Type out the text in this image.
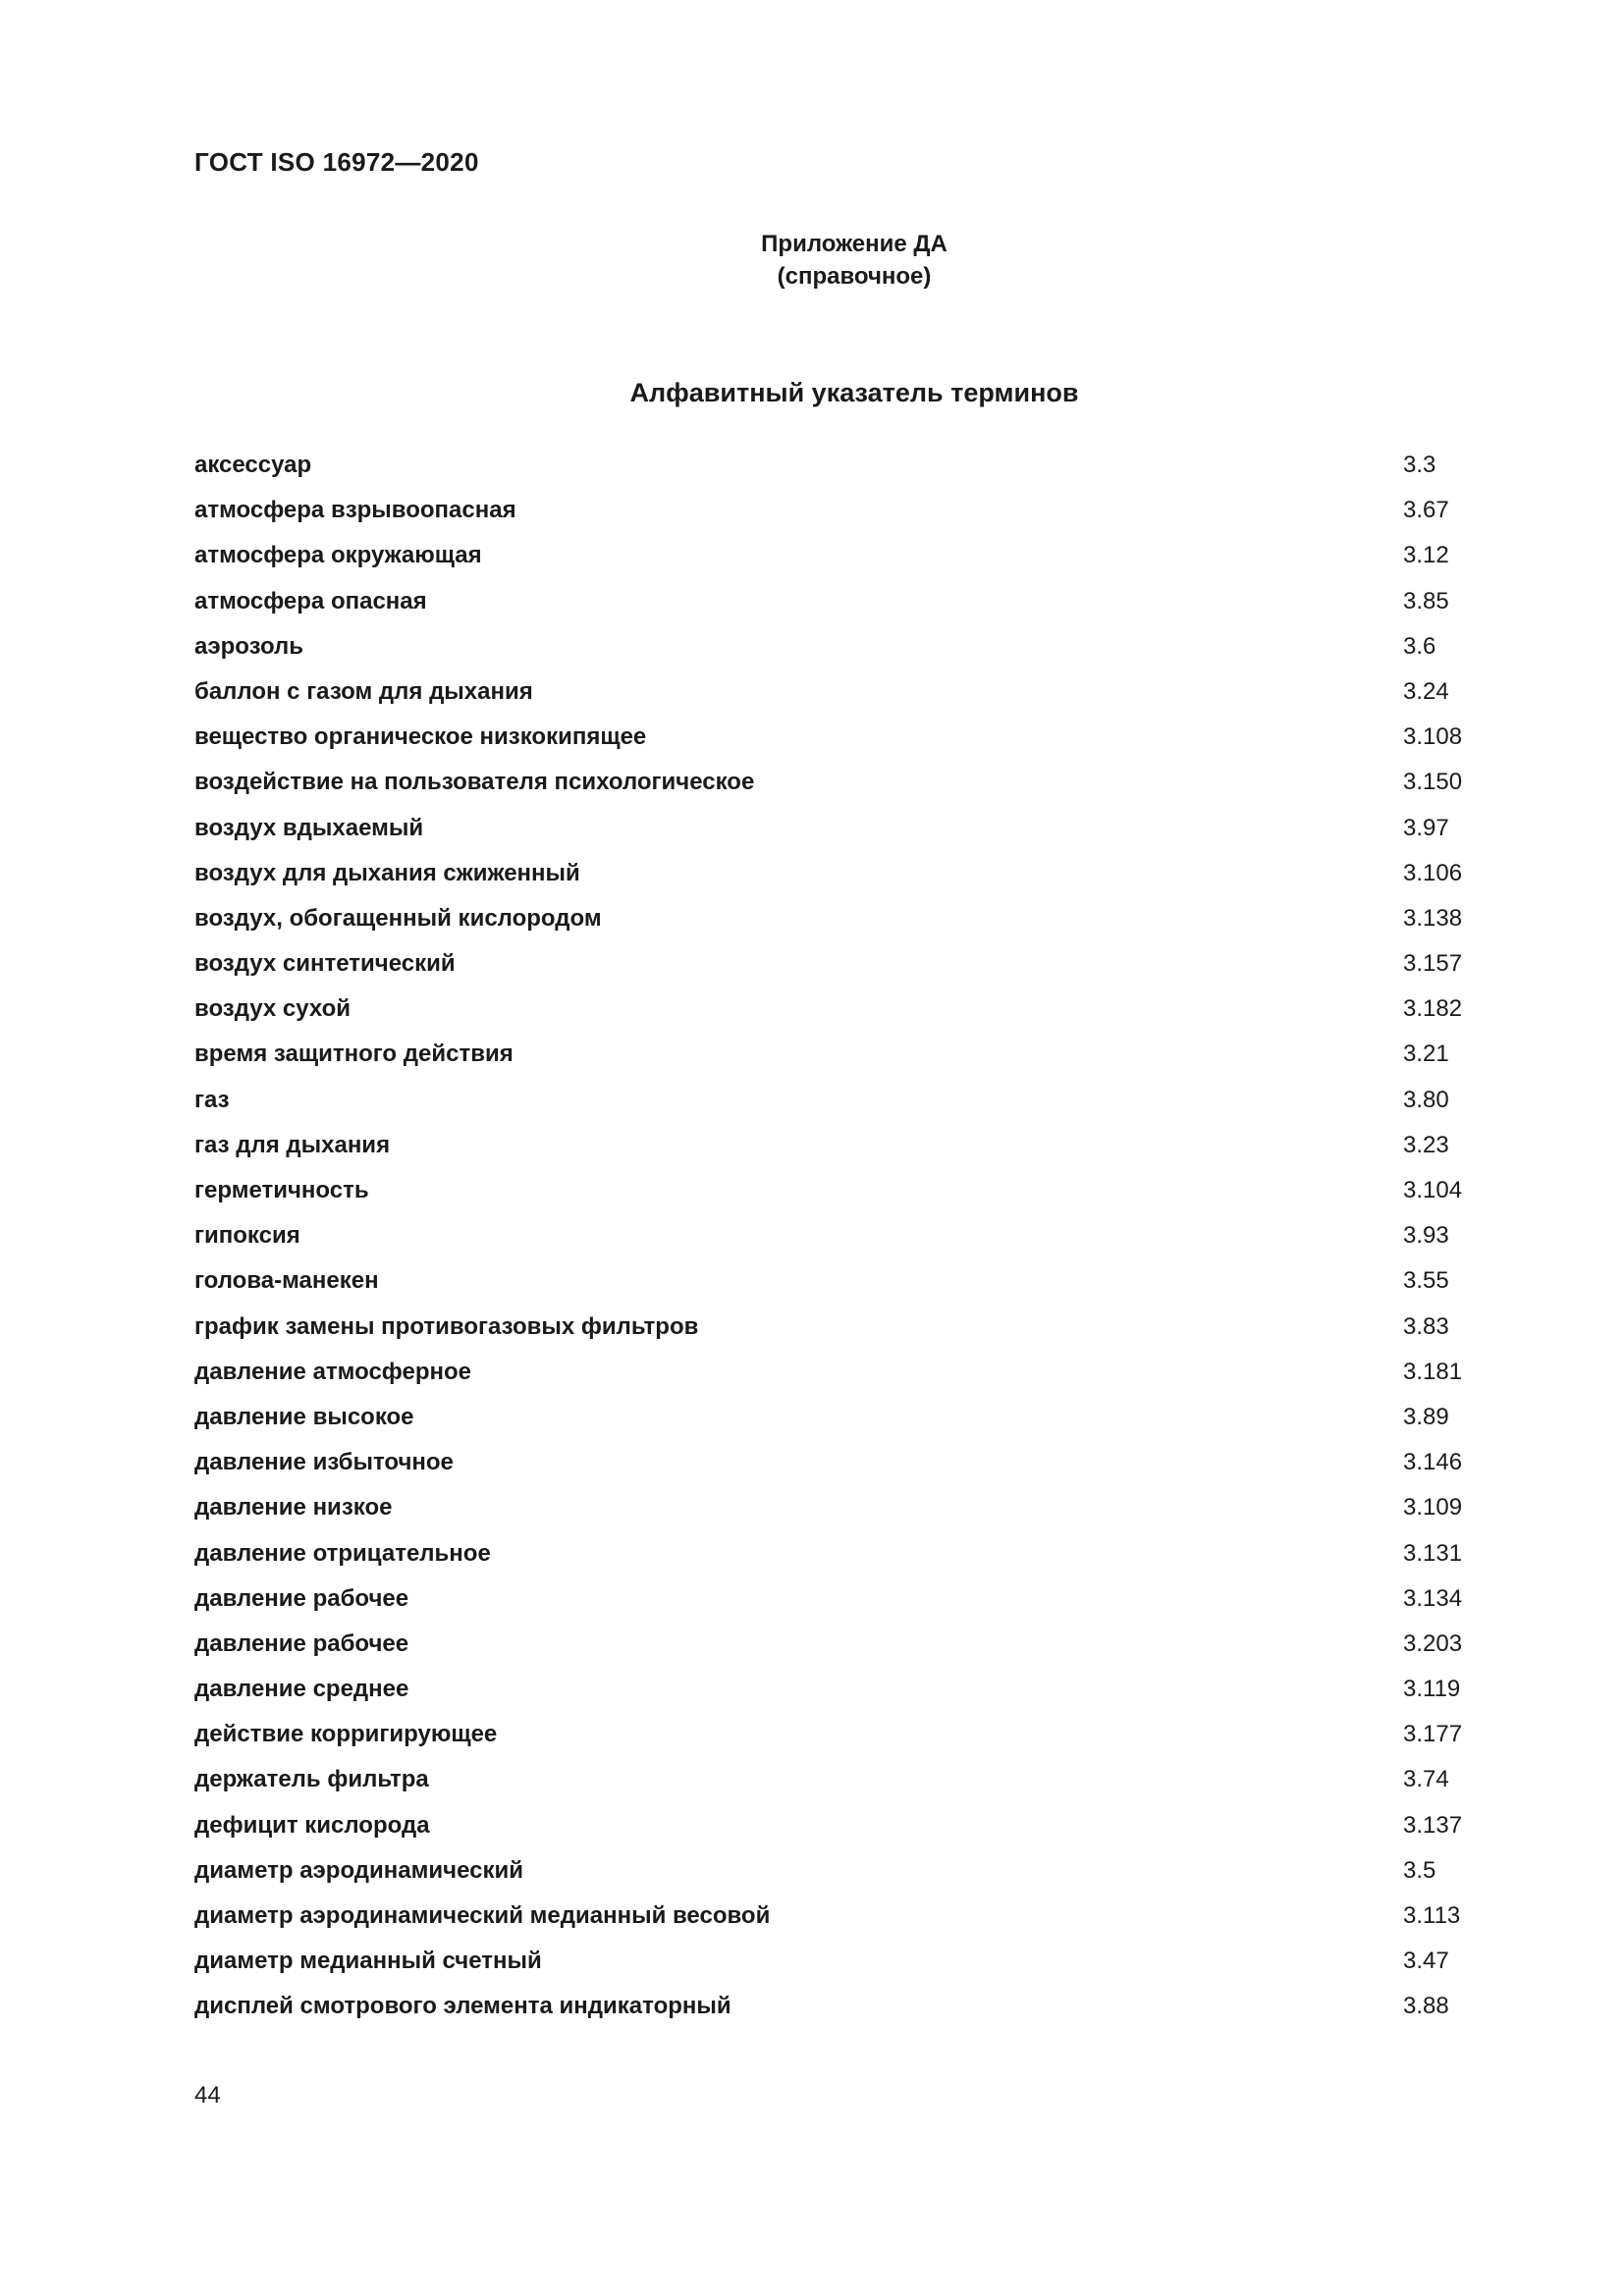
ГОСТ ISO 16972—2020
Приложение ДА
(справочное)
Алфавитный указатель терминов
аксессуар	3.3
атмосфера взрывоопасная	3.67
атмосфера окружающая	3.12
атмосфера опасная	3.85
аэрозоль	3.6
баллон с газом для дыхания	3.24
вещество органическое низкокипящее	3.108
воздействие на пользователя психологическое	3.150
воздух вдыхаемый	3.97
воздух для дыхания сжиженный	3.106
воздух, обогащенный кислородом	3.138
воздух синтетический	3.157
воздух сухой	3.182
время защитного действия	3.21
газ	3.80
газ для дыхания	3.23
герметичность	3.104
гипоксия	3.93
голова-манекен	3.55
график замены противогазовых фильтров	3.83
давление атмосферное	3.181
давление высокое	3.89
давление избыточное	3.146
давление низкое	3.109
давление отрицательное	3.131
давление рабочее	3.134
давление рабочее	3.203
давление среднее	3.119
действие корригирующее	3.177
держатель фильтра	3.74
дефицит кислорода	3.137
диаметр аэродинамический	3.5
диаметр аэродинамический медианный весовой	3.113
диаметр медианный счетный	3.47
дисплей смотрового элемента индикаторный	3.88
44
